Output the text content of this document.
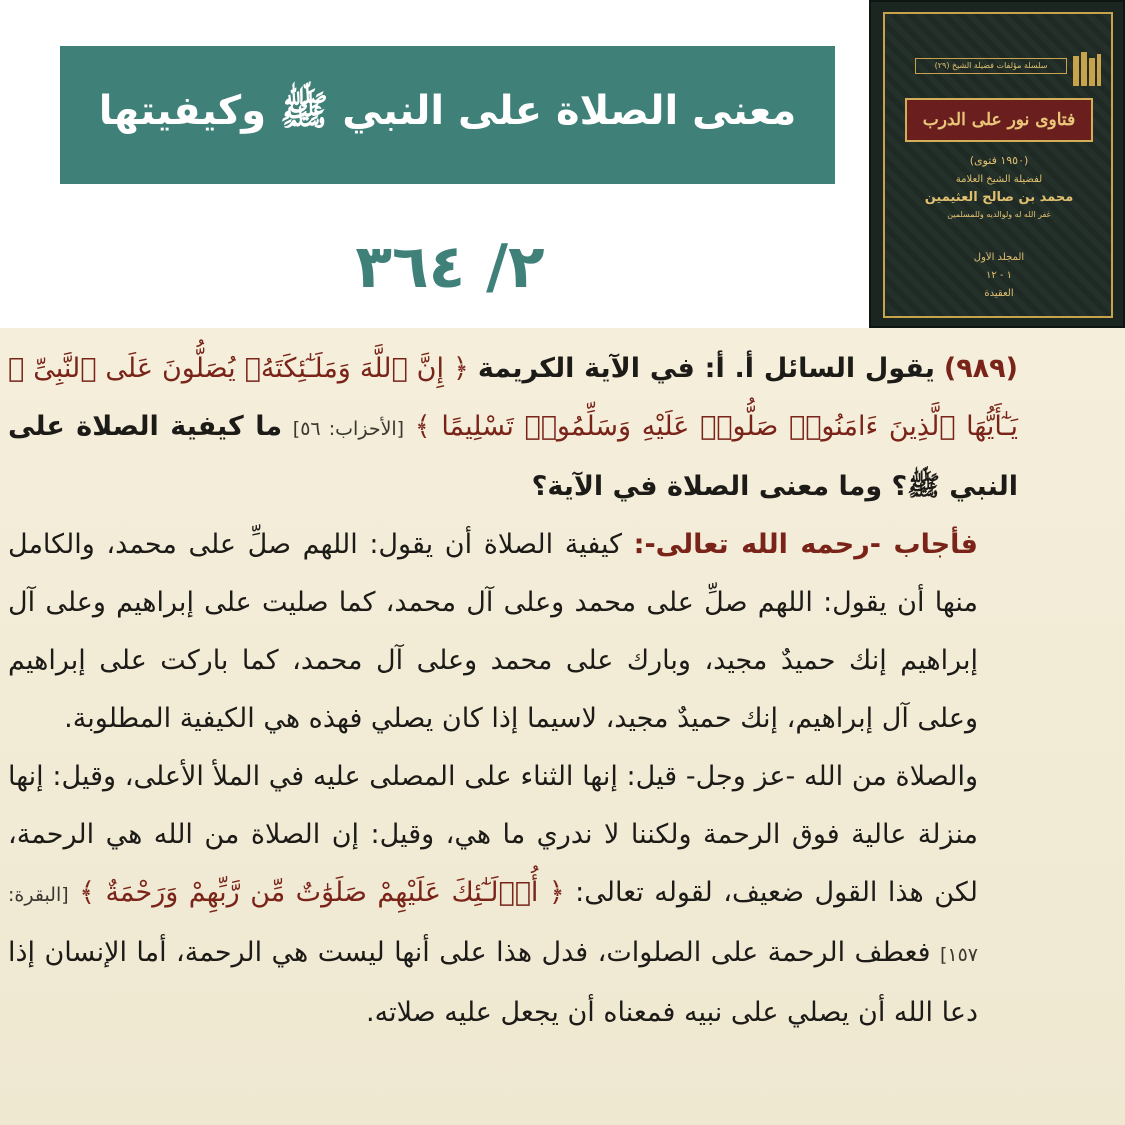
معنى الصلاة على النبي ﷺ وكيفيتها
٢/ ٣٦٤
سلسلة مؤلفات فضيلة الشيخ (٢٩)
فتاوى نور على الدرب
(١٩٥٠ فتوى)
لفضيلة الشيخ العلامة
محمد بن صالح العثيمين
غفر الله له ولوالديه وللمسلمين
المجلد الأول
١ - ١٢
العقيدة

(٩٨٩) يقول السائل أ. أ: في الآية الكريمة ﴿ إِنَّ ٱللَّهَ وَمَلَـٰٓئِكَتَهُۥ يُصَلُّونَ عَلَى ٱلنَّبِىِّ ۚ يَـٰٓأَيُّهَا ٱلَّذِينَ ءَامَنُوا۟ صَلُّوا۟ عَلَيْهِ وَسَلِّمُوا۟ تَسْلِيمًا ﴾ [الأحزاب: ٥٦] ما كيفية الصلاة على النبي ﷺ؟ وما معنى الصلاة في الآية؟

فأجاب -رحمه الله تعالى-: كيفية الصلاة أن يقول: اللهم صلِّ على محمد، والكامل منها أن يقول: اللهم صلِّ على محمد وعلى آل محمد، كما صليت على إبراهيم وعلى آل إبراهيم إنك حميدٌ مجيد، وبارك على محمد وعلى آل محمد، كما باركت على إبراهيم وعلى آل إبراهيم، إنك حميدٌ مجيد، لاسيما إذا كان يصلي فهذه هي الكيفية المطلوبة.

والصلاة من الله -عز وجل- قيل: إنها الثناء على المصلى عليه في الملأ الأعلى، وقيل: إنها منزلة عالية فوق الرحمة ولكننا لا ندري ما هي، وقيل: إن الصلاة من الله هي الرحمة، لكن هذا القول ضعيف، لقوله تعالى: ﴿ أُو۟لَـٰٓئِكَ عَلَيْهِمْ صَلَوَٰتٌ مِّن رَّبِّهِمْ وَرَحْمَةٌ ﴾ [البقرة: ١٥٧] فعطف الرحمة على الصلوات، فدل هذا على أنها ليست هي الرحمة، أما الإنسان إذا دعا الله أن يصلي على نبيه فمعناه أن يجعل عليه صلاته.
